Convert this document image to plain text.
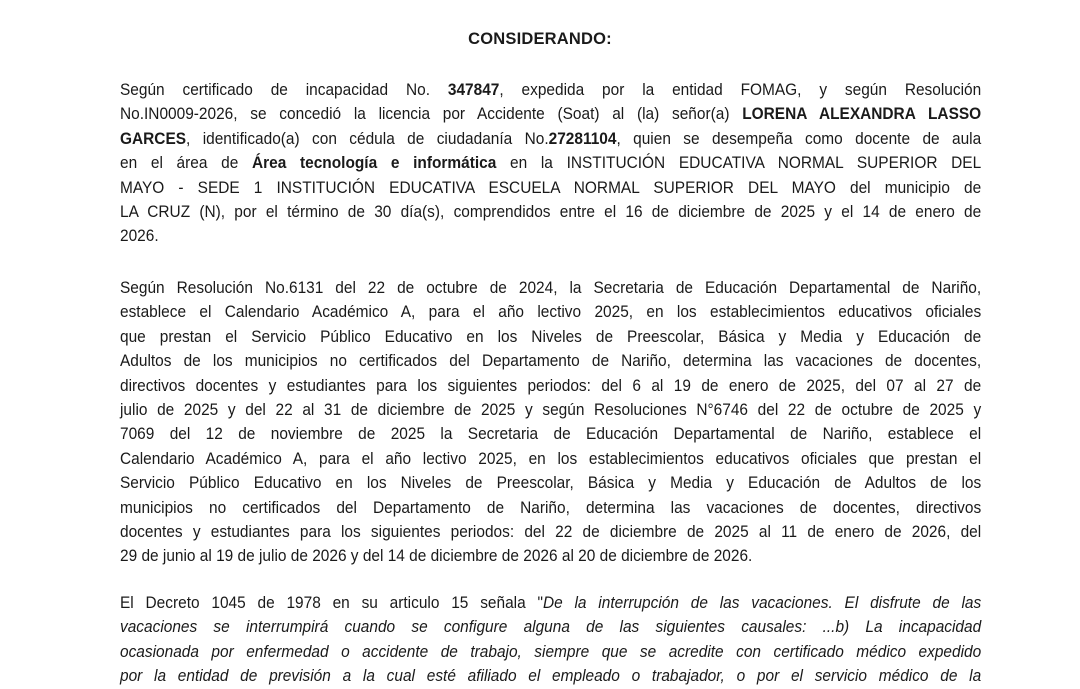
CONSIDERANDO:
Según certificado de incapacidad No. 347847, expedida por la entidad FOMAG, y según Resolución
No.IN0009-2026, se concedió la licencia por Accidente (Soat) al (la) señor(a) LORENA ALEXANDRA LASSO
GARCES, identificado(a) con cédula de ciudadanía No.27281104, quien se desempeña como docente de aula
en el área de Área tecnología e informática en la INSTITUCIÓN EDUCATIVA NORMAL SUPERIOR DEL
MAYO - SEDE 1 INSTITUCIÓN EDUCATIVA ESCUELA NORMAL SUPERIOR DEL MAYO del municipio de
LA CRUZ (N), por el término de 30 día(s), comprendidos entre el 16 de diciembre de 2025 y el 14 de enero de
2026.
Según Resolución No.6131 del 22 de octubre de 2024, la Secretaria de Educación Departamental de Nariño,
establece el Calendario Académico A, para el año lectivo 2025, en los establecimientos educativos oficiales
que prestan el Servicio Público Educativo en los Niveles de Preescolar, Básica y Media y Educación de
Adultos de los municipios no certificados del Departamento de Nariño, determina las vacaciones de docentes,
directivos docentes y estudiantes para los siguientes periodos: del 6 al 19 de enero de 2025, del 07 al 27 de
julio de 2025 y del 22 al 31 de diciembre de 2025 y según Resoluciones N°6746 del 22 de octubre de 2025 y
7069 del 12 de noviembre de 2025 la Secretaria de Educación Departamental de Nariño, establece el
Calendario Académico A, para el año lectivo 2025, en los establecimientos educativos oficiales que prestan el
Servicio Público Educativo en los Niveles de Preescolar, Básica y Media y Educación de Adultos de los
municipios no certificados del Departamento de Nariño, determina las vacaciones de docentes, directivos
docentes y estudiantes para los siguientes periodos: del 22 de diciembre de 2025 al 11 de enero de 2026, del
29 de junio al 19 de julio de 2026 y del 14 de diciembre de 2026 al 20 de diciembre de 2026.
El Decreto 1045 de 1978 en su articulo 15 señala "De la interrupción de las vacaciones. El disfrute de las
vacaciones se interrumpirá cuando se configure alguna de las siguientes causales: ...b) La incapacidad
ocasionada por enfermedad o accidente de trabajo, siempre que se acredite con certificado médico expedido
por la entidad de previsión a la cual esté afiliado el empleado o trabajador, o por el servicio médico de la
